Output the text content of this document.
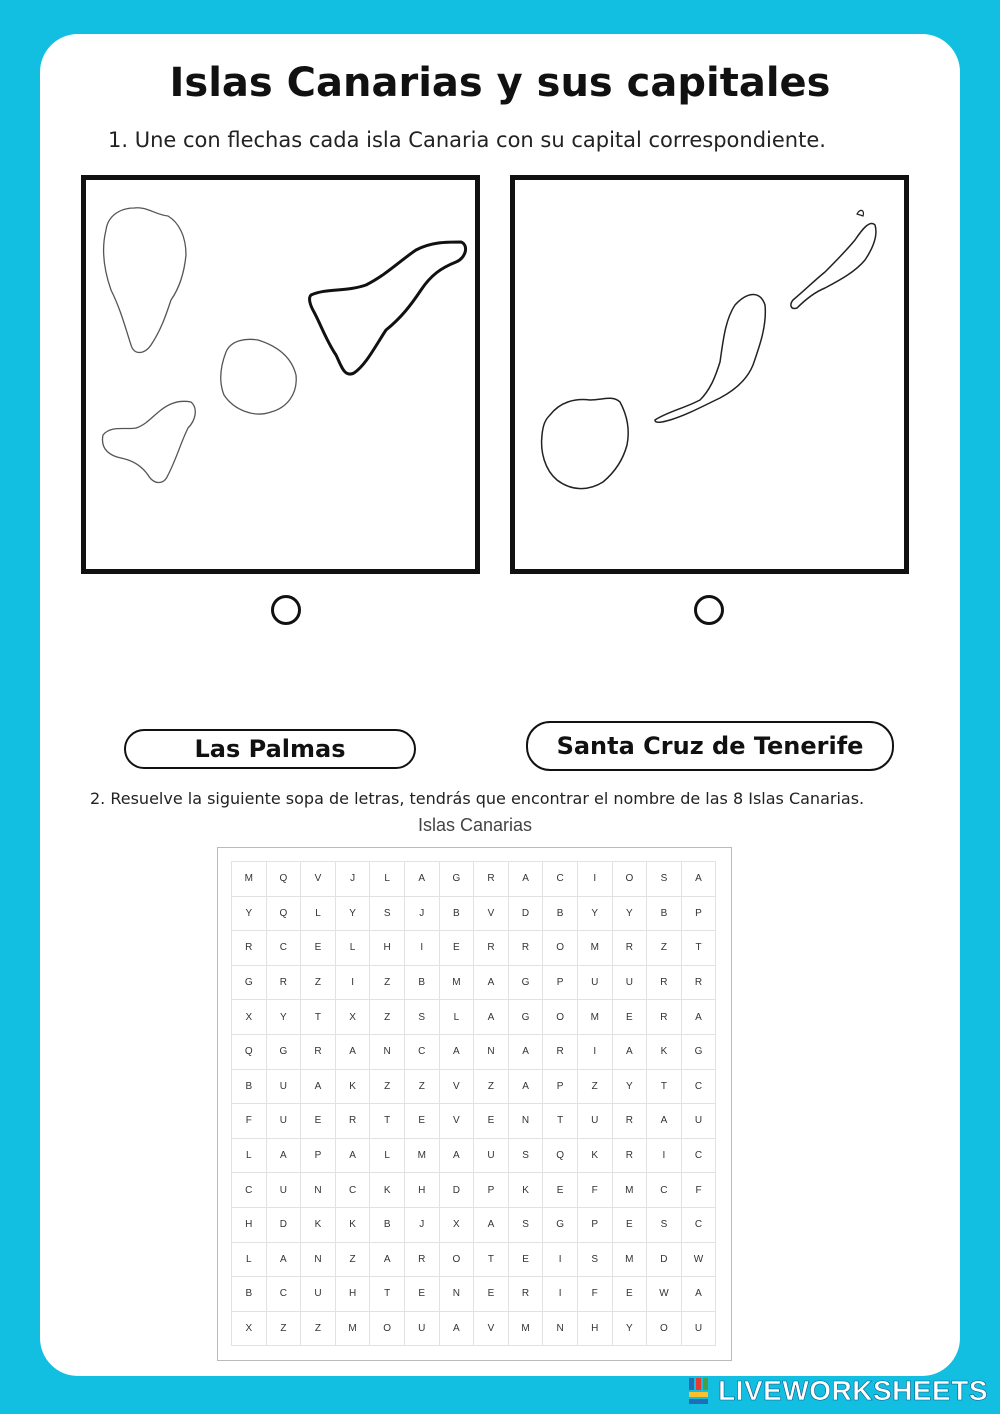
Islas Canarias y sus capitales
1. Une con flechas cada isla Canaria con su capital correspondiente.
Las Palmas	Santa Cruz de Tenerife
2. Resuelve la siguiente sopa de letras, tendrás que encontrar el nombre de las 8 Islas Canarias.
Islas Canarias
M	Q	V	J	L	A	G	R	A	C	I	O	S	A
Y	Q	L	Y	S	J	B	V	D	B	Y	Y	B	P
R	C	E	L	H	I	E	R	R	O	M	R	Z	T
G	R	Z	I	Z	B	M	A	G	P	U	U	R	R
X	Y	T	X	Z	S	L	A	G	O	M	E	R	A
Q	G	R	A	N	C	A	N	A	R	I	A	K	G
B	U	A	K	Z	Z	V	Z	A	P	Z	Y	T	C
F	U	E	R	T	E	V	E	N	T	U	R	A	U
L	A	P	A	L	M	A	U	S	Q	K	R	I	C
C	U	N	C	K	H	D	P	K	E	F	M	C	F
H	D	K	K	B	J	X	A	S	G	P	E	S	C
L	A	N	Z	A	R	O	T	E	I	S	M	D	W
B	C	U	H	T	E	N	E	R	I	F	E	W	A
X	Z	Z	M	O	U	A	V	M	N	H	Y	O	U
LIVEWORKSHEETS
